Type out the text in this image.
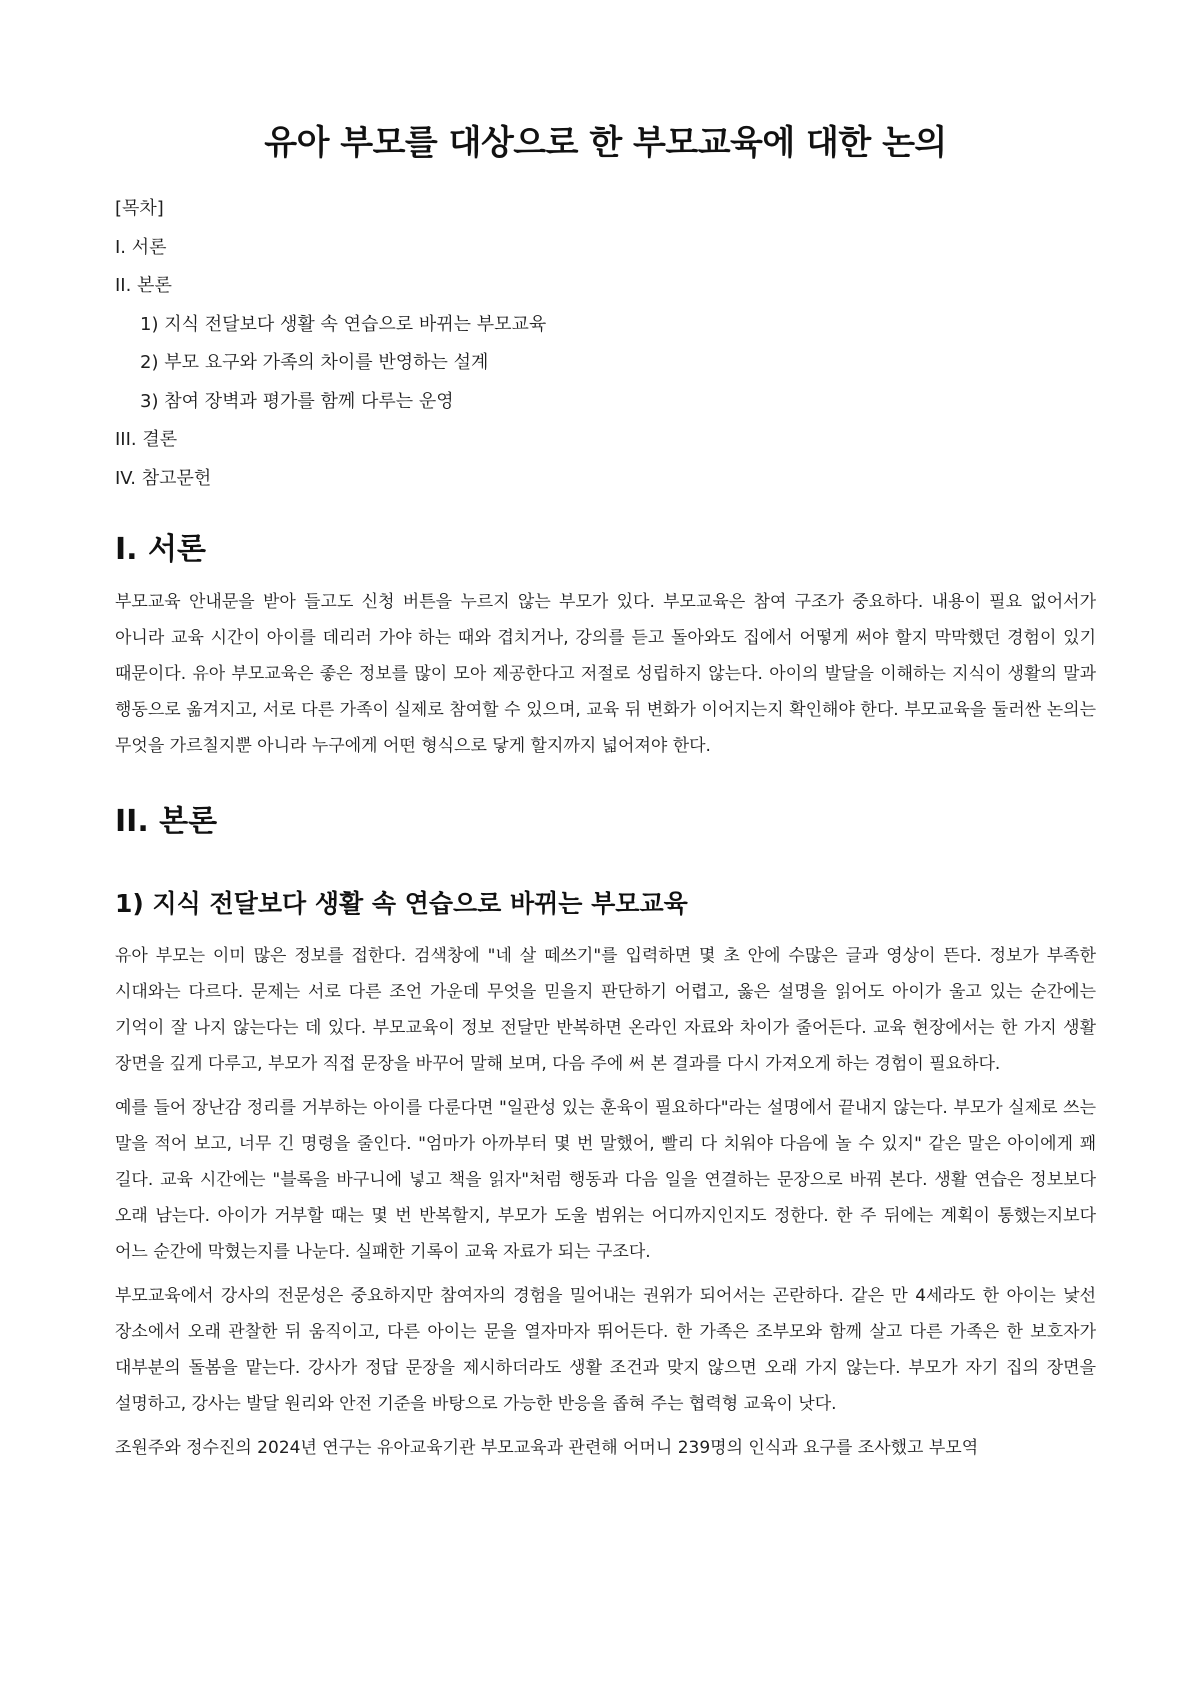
유아 부모를 대상으로 한 부모교육에 대한 논의
[목차]
I. 서론
II. 본론
1) 지식 전달보다 생활 속 연습으로 바뀌는 부모교육
2) 부모 요구와 가족의 차이를 반영하는 설계
3) 참여 장벽과 평가를 함께 다루는 운영
III. 결론
IV. 참고문헌
I. 서론

부모교육 안내문을 받아 들고도 신청 버튼을 누르지 않는 부모가 있다. 부모교육은 참여 구조가 중요하다. 내용이 필요 없어서가 아니라 교육 시간이 아이를 데리러 가야 하는 때와 겹치거나, 강의를 듣고 돌아와도 집에서 어떻게 써야 할지 막막했던 경험이 있기 때문이다. 유아 부모교육은 좋은 정보를 많이 모아 제공한다고 저절로 성립하지 않는다. 아이의 발달을 이해하는 지식이 생활의 말과 행동으로 옮겨지고, 서로 다른 가족이 실제로 참여할 수 있으며, 교육 뒤 변화가 이어지는지 확인해야 한다. 부모교육을 둘러싼 논의는 무엇을 가르칠지뿐 아니라 누구에게 어떤 형식으로 닿게 할지까지 넓어져야 한다.

II. 본론
1) 지식 전달보다 생활 속 연습으로 바뀌는 부모교육

유아 부모는 이미 많은 정보를 접한다. 검색창에 "네 살 떼쓰기"를 입력하면 몇 초 안에 수많은 글과 영상이 뜬다. 정보가 부족한 시대와는 다르다. 문제는 서로 다른 조언 가운데 무엇을 믿을지 판단하기 어렵고, 옳은 설명을 읽어도 아이가 울고 있는 순간에는 기억이 잘 나지 않는다는 데 있다. 부모교육이 정보 전달만 반복하면 온라인 자료와 차이가 줄어든다. 교육 현장에서는 한 가지 생활 장면을 깊게 다루고, 부모가 직접 문장을 바꾸어 말해 보며, 다음 주에 써 본 결과를 다시 가져오게 하는 경험이 필요하다.

예를 들어 장난감 정리를 거부하는 아이를 다룬다면 "일관성 있는 훈육이 필요하다"라는 설명에서 끝내지 않는다. 부모가 실제로 쓰는 말을 적어 보고, 너무 긴 명령을 줄인다. "엄마가 아까부터 몇 번 말했어, 빨리 다 치워야 다음에 놀 수 있지" 같은 말은 아이에게 꽤 길다. 교육 시간에는 "블록을 바구니에 넣고 책을 읽자"처럼 행동과 다음 일을 연결하는 문장으로 바꿔 본다. 생활 연습은 정보보다 오래 남는다. 아이가 거부할 때는 몇 번 반복할지, 부모가 도울 범위는 어디까지인지도 정한다. 한 주 뒤에는 계획이 통했는지보다 어느 순간에 막혔는지를 나눈다. 실패한 기록이 교육 자료가 되는 구조다.

부모교육에서 강사의 전문성은 중요하지만 참여자의 경험을 밀어내는 권위가 되어서는 곤란하다. 같은 만 4세라도 한 아이는 낯선 장소에서 오래 관찰한 뒤 움직이고, 다른 아이는 문을 열자마자 뛰어든다. 한 가족은 조부모와 함께 살고 다른 가족은 한 보호자가 대부분의 돌봄을 맡는다. 강사가 정답 문장을 제시하더라도 생활 조건과 맞지 않으면 오래 가지 않는다. 부모가 자기 집의 장면을 설명하고, 강사는 발달 원리와 안전 기준을 바탕으로 가능한 반응을 좁혀 주는 협력형 교육이 낫다.

조원주와 정수진의 2024년 연구는 유아교육기관 부모교육과 관련해 어머니 239명의 인식과 요구를 조사했고 부모역
